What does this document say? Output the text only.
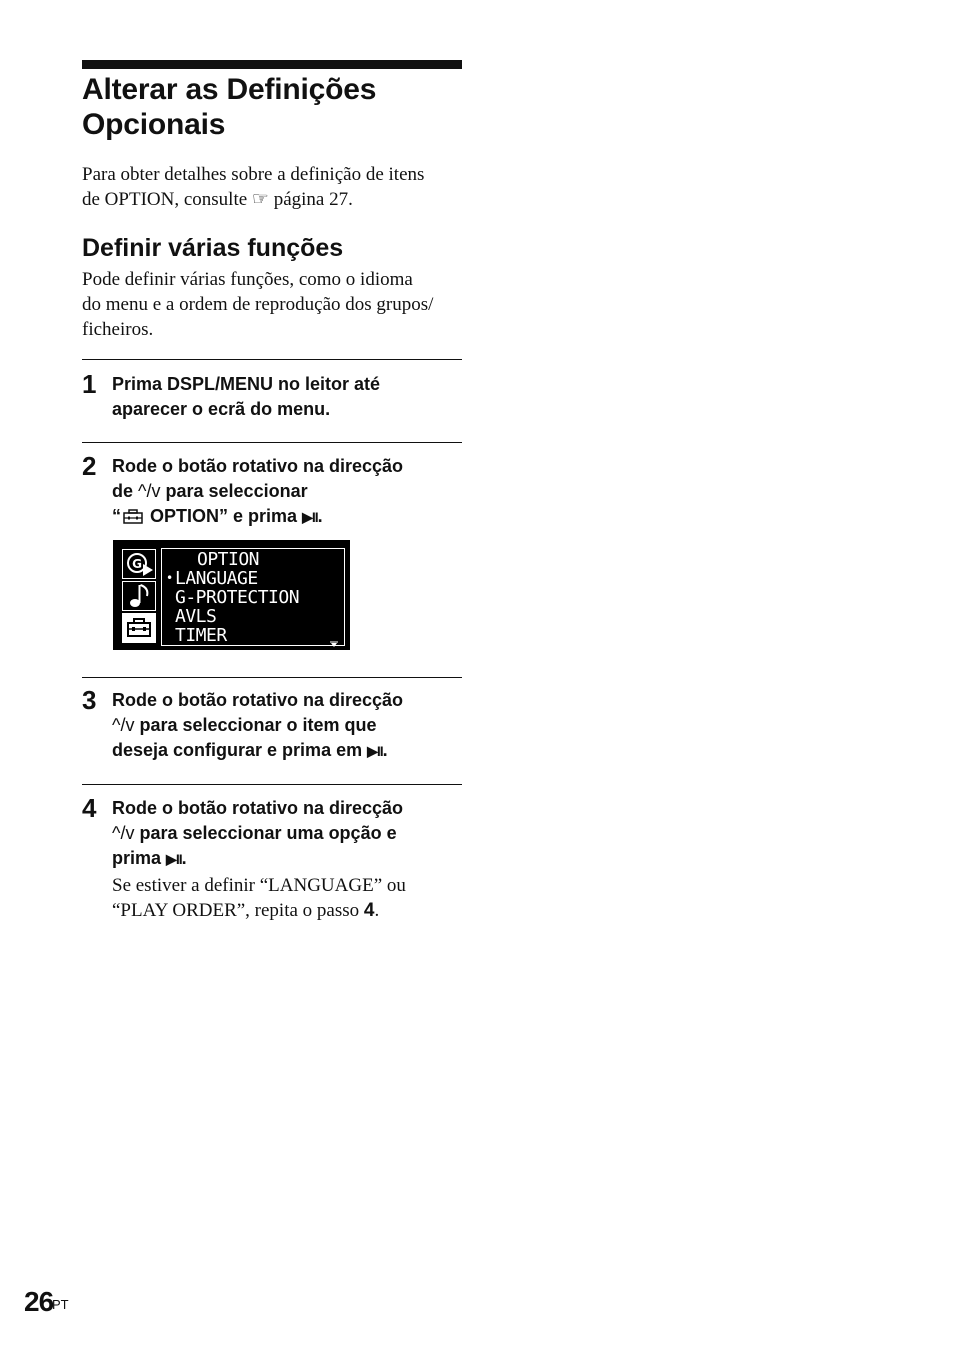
Alterar as Definições
Opcionais
Para obter detalhes sobre a definição de itens
de OPTION, consulte ☞ página 27.
Definir várias funções
Pode definir várias funções, como o idioma
do menu e a ordem de reprodução dos grupos/
ficheiros.
1 Prima DSPL/MENU no leitor até
aparecer o ecrã do menu.
2 Rode o botão rotativo na direcção
de ^/v para seleccionar
“ OPTION” e prima ▶II.
G	OPTION
• LANGUAGE
G-PROTECTION
AVLS
TIMER
3 Rode o botão rotativo na direcção
^/v para seleccionar o item que
deseja configurar e prima em ▶II.
4 Rode o botão rotativo na direcção
^/v para seleccionar uma opção e
prima ▶II.
Se estiver a definir “LANGUAGE” ou
“PLAY ORDER”, repita o passo 4.
26
PT
